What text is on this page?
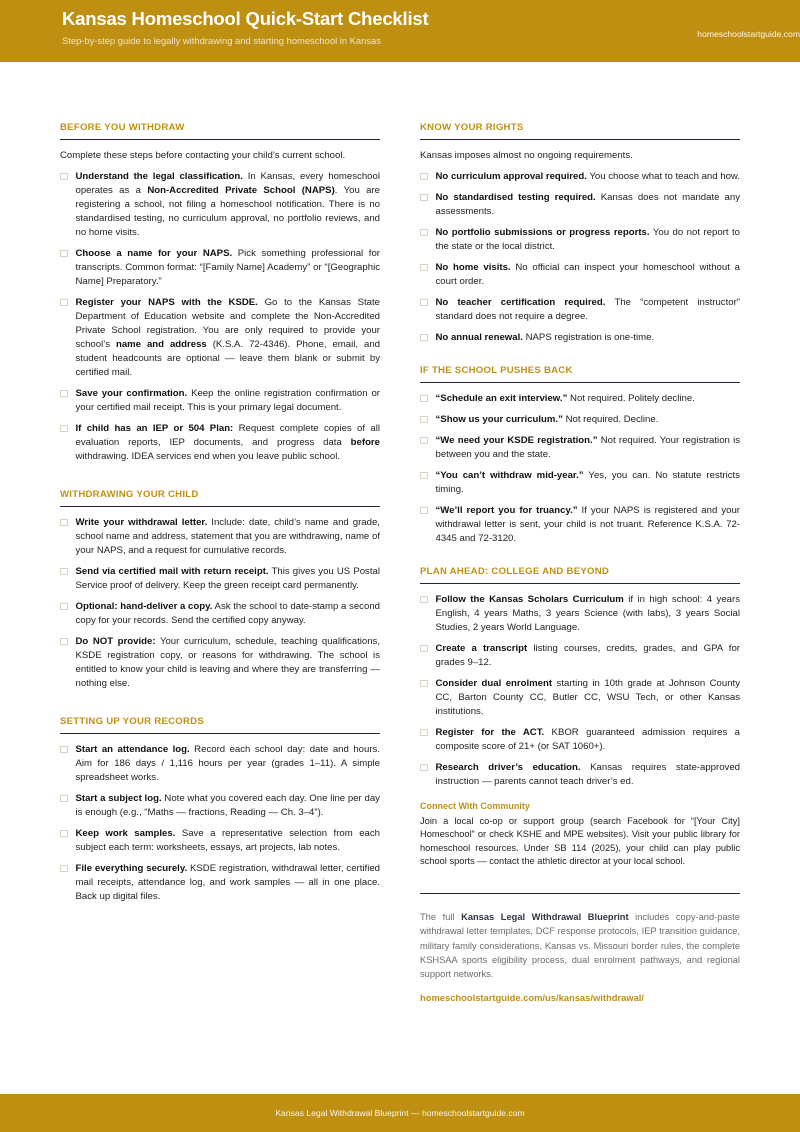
Kansas Homeschool Quick-Start Checklist
Step-by-step guide to legally withdrawing and starting homeschool in Kansas
homeschoolstartguide.com
BEFORE YOU WITHDRAW

Complete these steps before contacting your child’s current school.

Understand the legal classification. In Kansas, every homeschool operates as a Non-Accredited Private School (NAPS). You are registering a school, not filing a homeschool notification. There is no standardised testing, no curriculum approval, no portfolio reviews, and no home visits.
Choose a name for your NAPS. Pick something professional for transcripts. Common format: “[Family Name] Academy” or “[Geographic Name] Preparatory.”
Register your NAPS with the KSDE. Go to the Kansas State Department of Education website and complete the Non-Accredited Private School registration. You are only required to provide your school’s name and address (K.S.A. 72-4346). Phone, email, and student headcounts are optional — leave them blank or submit by certified mail.
Save your confirmation. Keep the online registration confirmation or your certified mail receipt. This is your primary legal document.
If child has an IEP or 504 Plan: Request complete copies of all evaluation reports, IEP documents, and progress data before withdrawing. IDEA services end when you leave public school.
WITHDRAWING YOUR CHILD
Write your withdrawal letter. Include: date, child’s name and grade, school name and address, statement that you are withdrawing, name of your NAPS, and a request for cumulative records.
Send via certified mail with return receipt. This gives you US Postal Service proof of delivery. Keep the green receipt card permanently.
Optional: hand-deliver a copy. Ask the school to date-stamp a second copy for your records. Send the certified copy anyway.
Do NOT provide: Your curriculum, schedule, teaching qualifications, KSDE registration copy, or reasons for withdrawing. The school is entitled to know your child is leaving and where they are transferring — nothing else.
SETTING UP YOUR RECORDS
Start an attendance log. Record each school day: date and hours. Aim for 186 days / 1,116 hours per year (grades 1–11). A simple spreadsheet works.
Start a subject log. Note what you covered each day. One line per day is enough (e.g., “Maths — fractions, Reading — Ch. 3–4”).
Keep work samples. Save a representative selection from each subject each term: worksheets, essays, art projects, lab notes.
File everything securely. KSDE registration, withdrawal letter, certified mail receipts, attendance log, and work samples — all in one place. Back up digital files.
KNOW YOUR RIGHTS

Kansas imposes almost no ongoing requirements.

No curriculum approval required. You choose what to teach and how.
No standardised testing required. Kansas does not mandate any assessments.
No portfolio submissions or progress reports. You do not report to the state or the local district.
No home visits. No official can inspect your homeschool without a court order.
No teacher certification required. The “competent instructor” standard does not require a degree.
No annual renewal. NAPS registration is one-time.
IF THE SCHOOL PUSHES BACK
“Schedule an exit interview.” Not required. Politely decline.
“Show us your curriculum.” Not required. Decline.
“We need your KSDE registration.” Not required. Your registration is between you and the state.
“You can’t withdraw mid-year.” Yes, you can. No statute restricts timing.
“We’ll report you for truancy.” If your NAPS is registered and your withdrawal letter is sent, your child is not truant. Reference K.S.A. 72-4345 and 72-3120.
PLAN AHEAD: COLLEGE AND BEYOND
Follow the Kansas Scholars Curriculum if in high school: 4 years English, 4 years Maths, 3 years Science (with labs), 3 years Social Studies, 2 years World Language.
Create a transcript listing courses, credits, grades, and GPA for grades 9–12.
Consider dual enrolment starting in 10th grade at Johnson County CC, Barton County CC, Butler CC, WSU Tech, or other Kansas institutions.
Register for the ACT. KBOR guaranteed admission requires a composite score of 21+ (or SAT 1060+).
Research driver’s education. Kansas requires state-approved instruction — parents cannot teach driver’s ed.
Connect With Community

Join a local co-op or support group (search Facebook for “[Your City] Homeschool” or check KSHE and MPE websites). Visit your public library for homeschool resources. Under SB 114 (2025), your child can play public school sports — contact the athletic director at your local school.

The full Kansas Legal Withdrawal Blueprint includes copy-and-paste withdrawal letter templates, DCF response protocols, IEP transition guidance, military family considerations, Kansas vs. Missouri border rules, the complete KSHSAA sports eligibility process, dual enrolment pathways, and regional support networks.

homeschoolstartguide.com/us/kansas/withdrawal/
Kansas Legal Withdrawal Blueprint — homeschoolstartguide.com
